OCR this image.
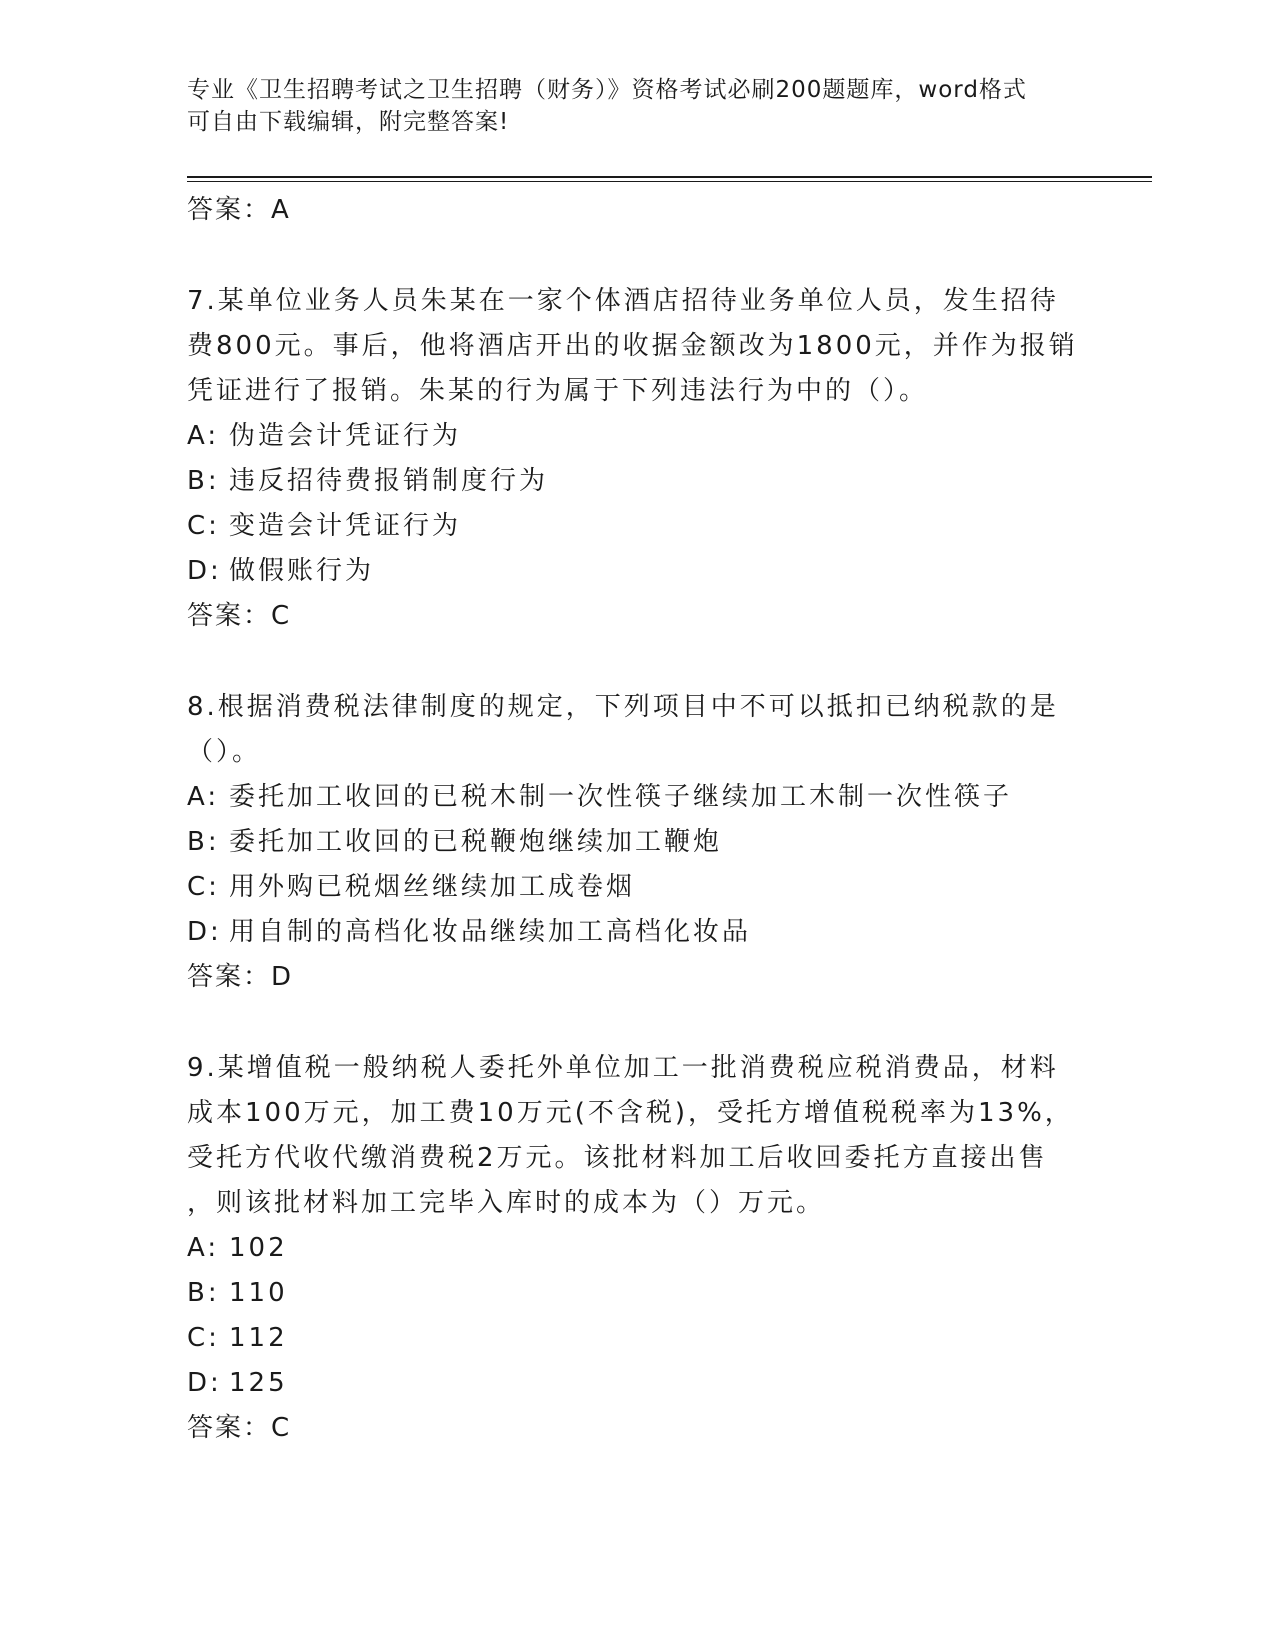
专业《卫生招聘考试之卫生招聘（财务）》资格考试必刷200题题库，word格式
可自由下载编辑，附完整答案!
答案：A
7.某单位业务人员朱某在一家个体酒店招待业务单位人员，发生招待
费800元。事后，他将酒店开出的收据金额改为1800元，并作为报销
凭证进行了报销。朱某的行为属于下列违法行为中的（）。
A: 伪造会计凭证行为
B: 违反招待费报销制度行为
C: 变造会计凭证行为
D: 做假账行为
答案：C
8.根据消费税法律制度的规定，下列项目中不可以抵扣已纳税款的是
（）。
A: 委托加工收回的已税木制一次性筷子继续加工木制一次性筷子
B: 委托加工收回的已税鞭炮继续加工鞭炮
C: 用外购已税烟丝继续加工成卷烟
D: 用自制的高档化妆品继续加工高档化妆品
答案：D
9.某增值税一般纳税人委托外单位加工一批消费税应税消费品，材料
成本100万元，加工费10万元(不含税)，受托方增值税税率为13%，
受托方代收代缴消费税2万元。该批材料加工后收回委托方直接出售
，则该批材料加工完毕入库时的成本为（）万元。
A: 102
B: 110
C: 112
D: 125
答案：C
